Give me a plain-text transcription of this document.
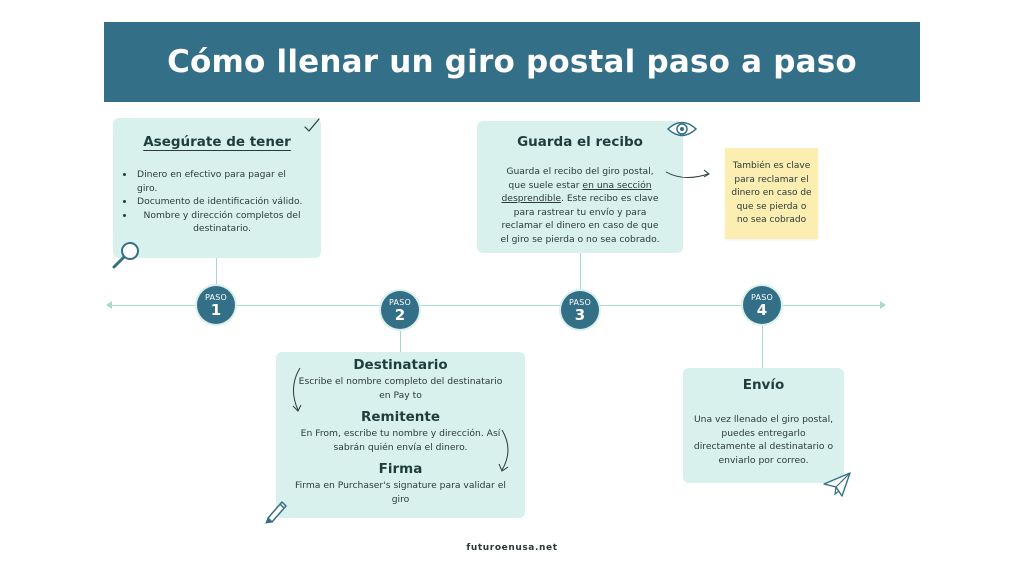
Cómo llenar un giro postal paso a paso
PASO
1	PASO
2
PASO
3
PASO
4
Asegúrate de tener
• Dinero en efectivo para pagar el giro.
• Documento de identificación válido.
• Nombre y dirección completos del destinatario.
Guarda el recibo

Guarda el recibo del giro postal, que suele estar en una sección desprendible. Este recibo es clave para rastrear tu envío y para reclamar el dinero en caso de que el giro se pierda o no sea cobrado.

También es clave para reclamar el dinero en caso de que se pierda o no sea cobrado
Destinatario

Escribe el nombre completo del destinatario en Pay to

Remitente

En From, escribe tu nombre y dirección. Así sabrán quién envía el dinero.

Firma

Firma en Purchaser's signature para validar el giro

Envío

Una vez llenado el giro postal, puedes entregarlo directamente al destinatario o enviarlo por correo.

futuroenusa.net
